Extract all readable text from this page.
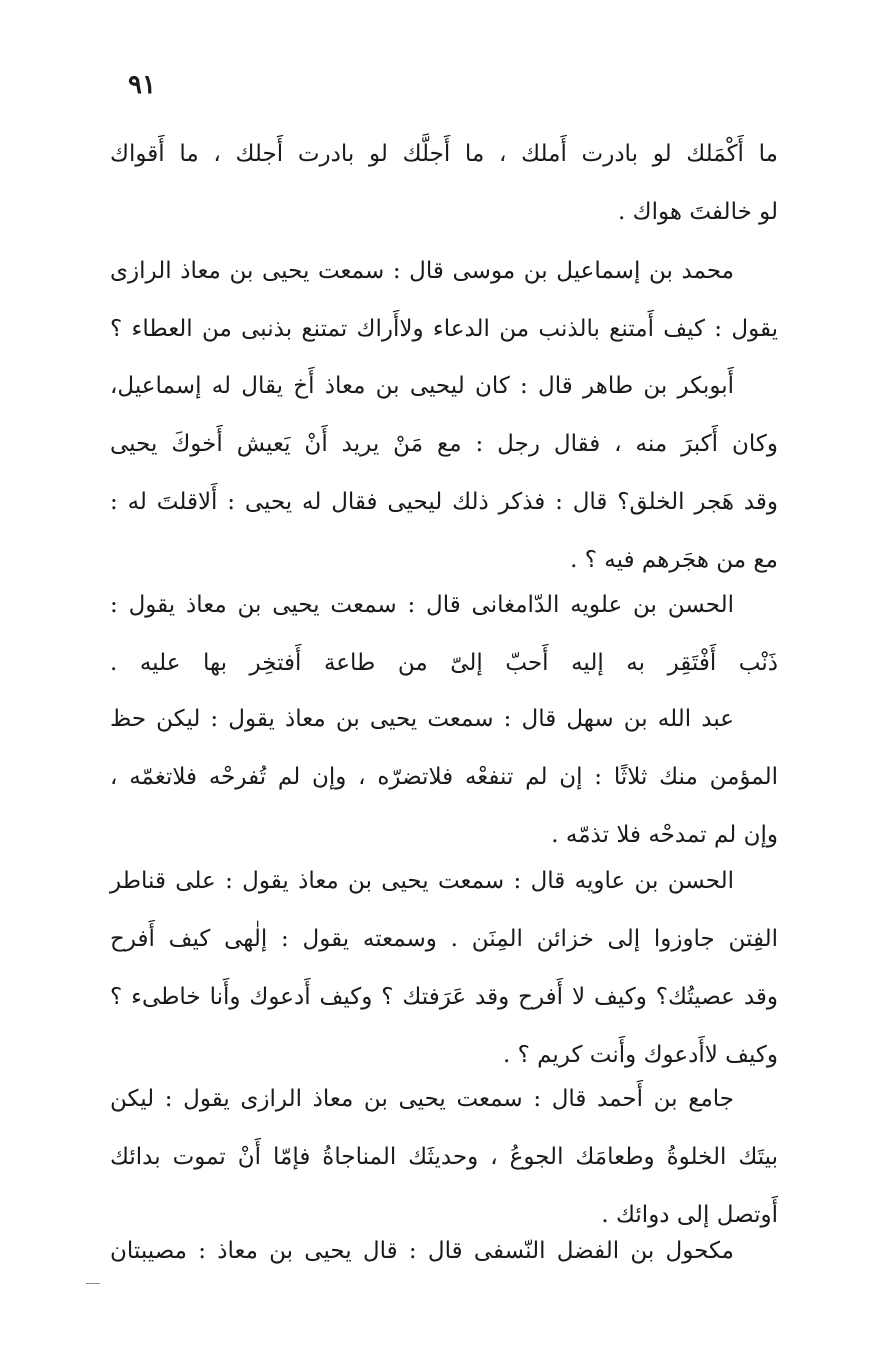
٩١
ما أَكْمَلك لو بادرت أَملك ، ما أَجلَّك لو بادرت أَجلك ، ما أَقواك
لو خالفتَ هواك .
محمد بن إسماعيل بن موسى قال : سمعت يحيى بن معاذ الرازى
يقول : كيف أَمتنع بالذنب من الدعاء ولاأَراك تمتنع بذنبى من العطاء ؟
أَبوبكر بن طاهر قال : كان ليحيى بن معاذ أَخ يقال له إسماعيل،
وكان أَكبرَ منه ، فقال رجل : مع مَنْ يريد أَنْ يَعيش أَخوكَ يحيى
وقد هَجر الخلق؟ قال : فذكر ذلك ليحيى فقال له يحيى : أَلاقلتَ له :
مع من هجَرهم فيه ؟ .
الحسن بن علويه الدّامغانى قال : سمعت يحيى بن معاذ يقول :
ذَنْب أَفْتَقِر به إليه أَحبّ إلىّ من طاعة أَفتخِر بها عليه .
عبد الله بن سهل قال : سمعت يحيى بن معاذ يقول : ليكن حظ
المؤمن منك ثلاثًا : إن لم تنفعْه فلاتضرّه ، وإن لم تُفرحْه فلاتغمّه ،
وإن لم تمدحْه فلا تذمّه .
الحسن بن عاويه قال : سمعت يحيى بن معاذ يقول : على قناطر
الفِتن جاوزوا إلى خزائن المِنَن . وسمعته يقول : إلٰهى كيف أَفرح
وقد عصيتُك؟ وكيف لا أَفرح وقد عَرَفتك ؟ وكيف أَدعوك وأَنا خاطىء ؟
وكيف لاأَدعوك وأَنت كريم ؟ .
جامع بن أَحمد قال : سمعت يحيى بن معاذ الرازى يقول : ليكن
بيتَك الخلوةُ وطعامَك الجوعُ ، وحديثَك المناجاةُ فإمّا أَنْ تموت بدائك
أَوتصل إلى دوائك .
مكحول بن الفضل النّسفى قال : قال يحيى بن معاذ : مصيبتان
